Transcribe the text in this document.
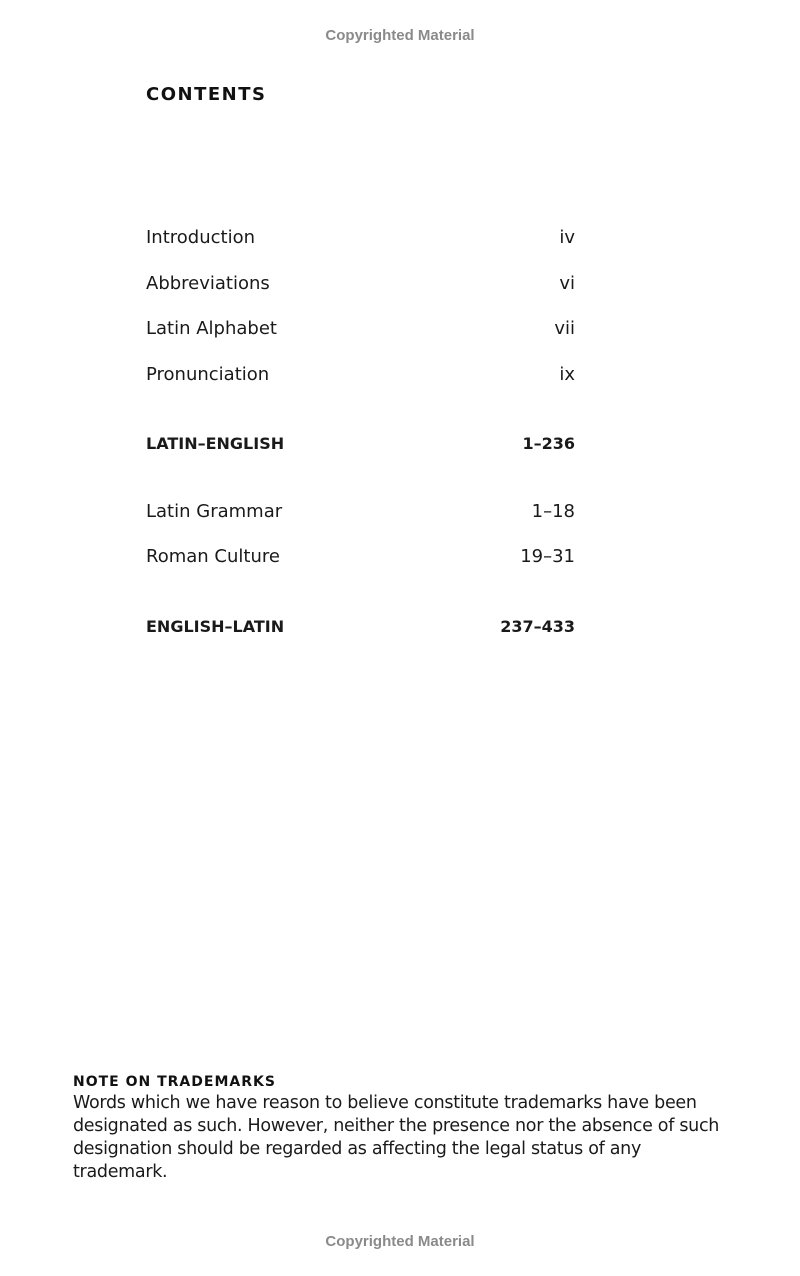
Copyrighted Material
CONTENTS
Introduction	iv
Abbreviations	vi
Latin Alphabet	vii
Pronunciation	ix
LATIN–ENGLISH	1–236
Latin Grammar	1–18
Roman Culture	19–31
ENGLISH–LATIN	237–433
NOTE ON TRADEMARKS
Words which we have reason to believe constitute trademarks have been designated as such. However, neither the presence nor the absence of such designation should be regarded as affecting the legal status of any trademark.
Copyrighted Material
